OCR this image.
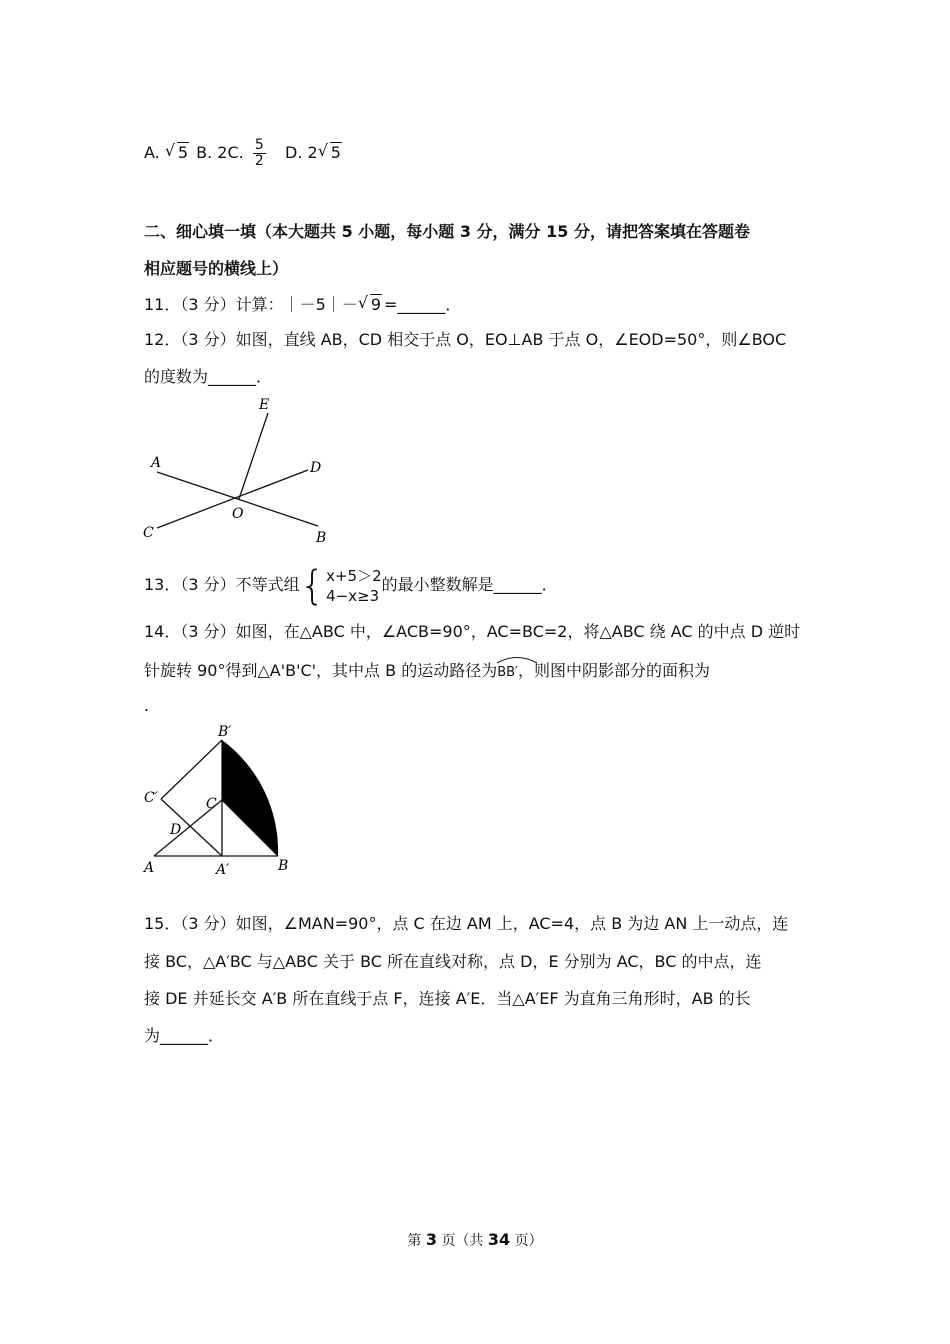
A. √ 5 B. 2C. $\frac{5}{2} D$. 2 √ 5
二、细心填一填（本大题共 5 小题，每小题 3 分，满分 15 分，请把答案填在答题卷
相应题号的横线上）
11．（3 分）计算：｜－5｜－ √ 9 =______．
12．（3 分）如图，直线 AB，CD 相交于点 O，EO⊥AB 于点 O，∠EOD=50°，则∠BOC
的度数为______．
E
A	D
O
C	B
13．（3 分）不等式组 { x+5＞2
4−x≥3
的最小整数解是______．
14．（3 分）如图，在△ABC 中，∠ACB=90°，AC=BC=2，将△ABC 绕 AC 的中点 D 逆时
针旋转 90°得到△A'B'C'，其中点 B 的运动路径为
BB′，则图中阴影部分的面积为
.
B′
C′	C
D
A	A′	B
15．（3 分）如图，∠MAN=90°，点 C 在边 AM 上，AC=4，点 B 为边 AN 上一动点，连
接 BC，△A′BC 与△ABC 关于 BC 所在直线对称，点 D，E 分别为 AC，BC 的中点，连
接 DE 并延长交 A′B 所在直线于点 F，连接 A′E．当△A′EF 为直角三角形时，AB 的长
为______．
第 3 页（共 34 页）
